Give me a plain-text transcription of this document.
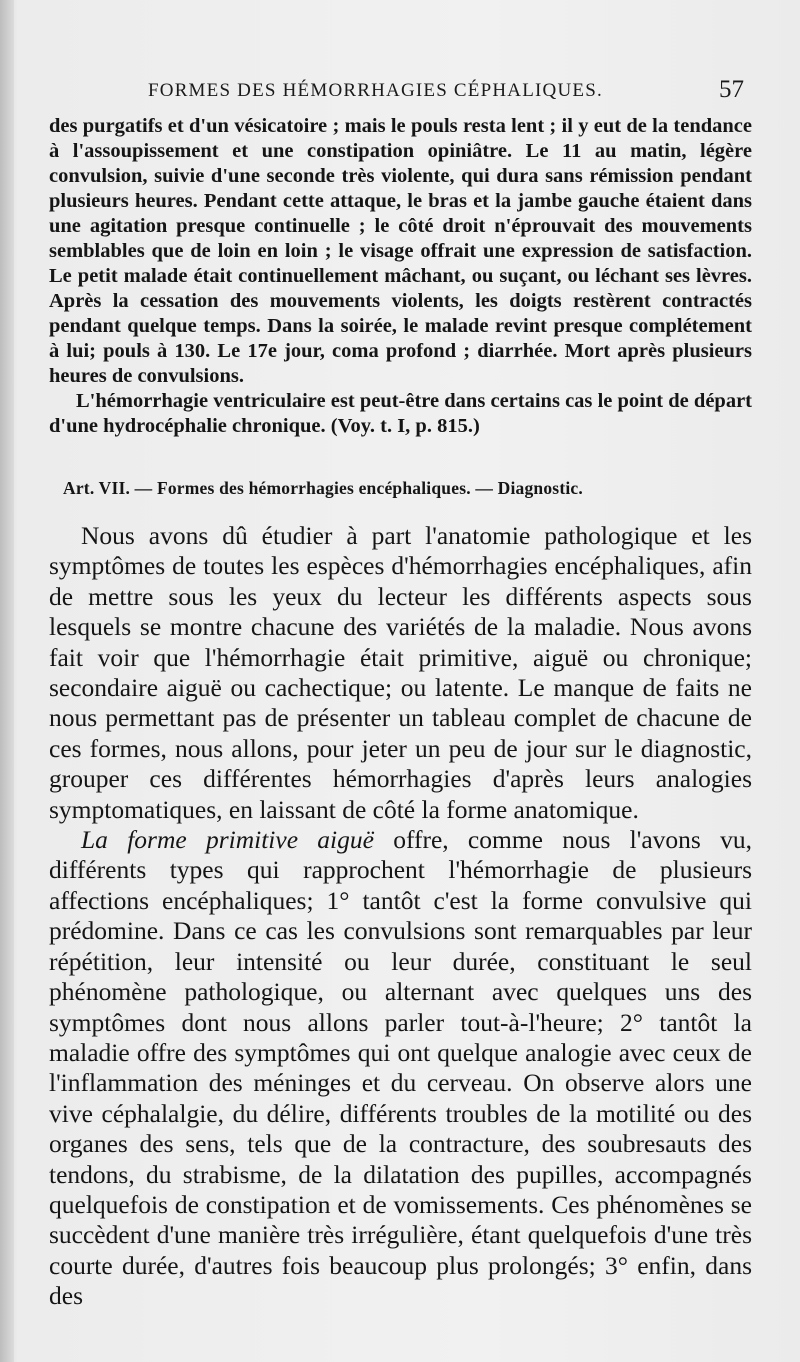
FORMES DES HÉMORRHAGIES CÉPHALIQUES.	57

des purgatifs et d'un vésicatoire ; mais le pouls resta lent ; il y eut de la tendance à l'assoupissement et une constipation opiniâtre. Le 11 au matin, légère convulsion, suivie d'une seconde très violente, qui dura sans rémission pendant plusieurs heures. Pendant cette attaque, le bras et la jambe gauche étaient dans une agitation presque continuelle ; le côté droit n'éprouvait des mouvements semblables que de loin en loin ; le visage offrait une expression de satisfaction. Le petit malade était continuellement mâchant, ou suçant, ou léchant ses lèvres. Après la cessation des mouvements violents, les doigts restèrent contractés pendant quelque temps. Dans la soirée, le malade revint presque complétement à lui; pouls à 130. Le 17e jour, coma profond ; diarrhée. Mort après plusieurs heures de convulsions.

L'hémorrhagie ventriculaire est peut-être dans certains cas le point de départ d'une hydrocéphalie chronique. (Voy. t. I, p. 815.)

Art. VII. — Formes des hémorrhagies encéphaliques. — Diagnostic.

Nous avons dû étudier à part l'anatomie pathologique et les symptômes de toutes les espèces d'hémorrhagies encéphaliques, afin de mettre sous les yeux du lecteur les différents aspects sous lesquels se montre chacune des variétés de la maladie. Nous avons fait voir que l'hémorrhagie était primitive, aiguë ou chronique; secondaire aiguë ou cachectique; ou latente. Le manque de faits ne nous permettant pas de présenter un tableau complet de chacune de ces formes, nous allons, pour jeter un peu de jour sur le diagnostic, grouper ces différentes hémorrhagies d'après leurs analogies symptomatiques, en laissant de côté la forme anatomique.

La forme primitive aiguë offre, comme nous l'avons vu, différents types qui rapprochent l'hémorrhagie de plusieurs affections encéphaliques; 1° tantôt c'est la forme convulsive qui prédomine. Dans ce cas les convulsions sont remarquables par leur répétition, leur intensité ou leur durée, constituant le seul phénomène pathologique, ou alternant avec quelques uns des symptômes dont nous allons parler tout-à-l'heure; 2° tantôt la maladie offre des symptômes qui ont quelque analogie avec ceux de l'inflammation des méninges et du cerveau. On observe alors une vive céphalalgie, du délire, différents troubles de la motilité ou des organes des sens, tels que de la contracture, des soubresauts des tendons, du strabisme, de la dilatation des pupilles, accompagnés quelquefois de constipation et de vomissements. Ces phénomènes se succèdent d'une manière très irrégulière, étant quelquefois d'une très courte durée, d'autres fois beaucoup plus prolongés; 3° enfin, dans des
